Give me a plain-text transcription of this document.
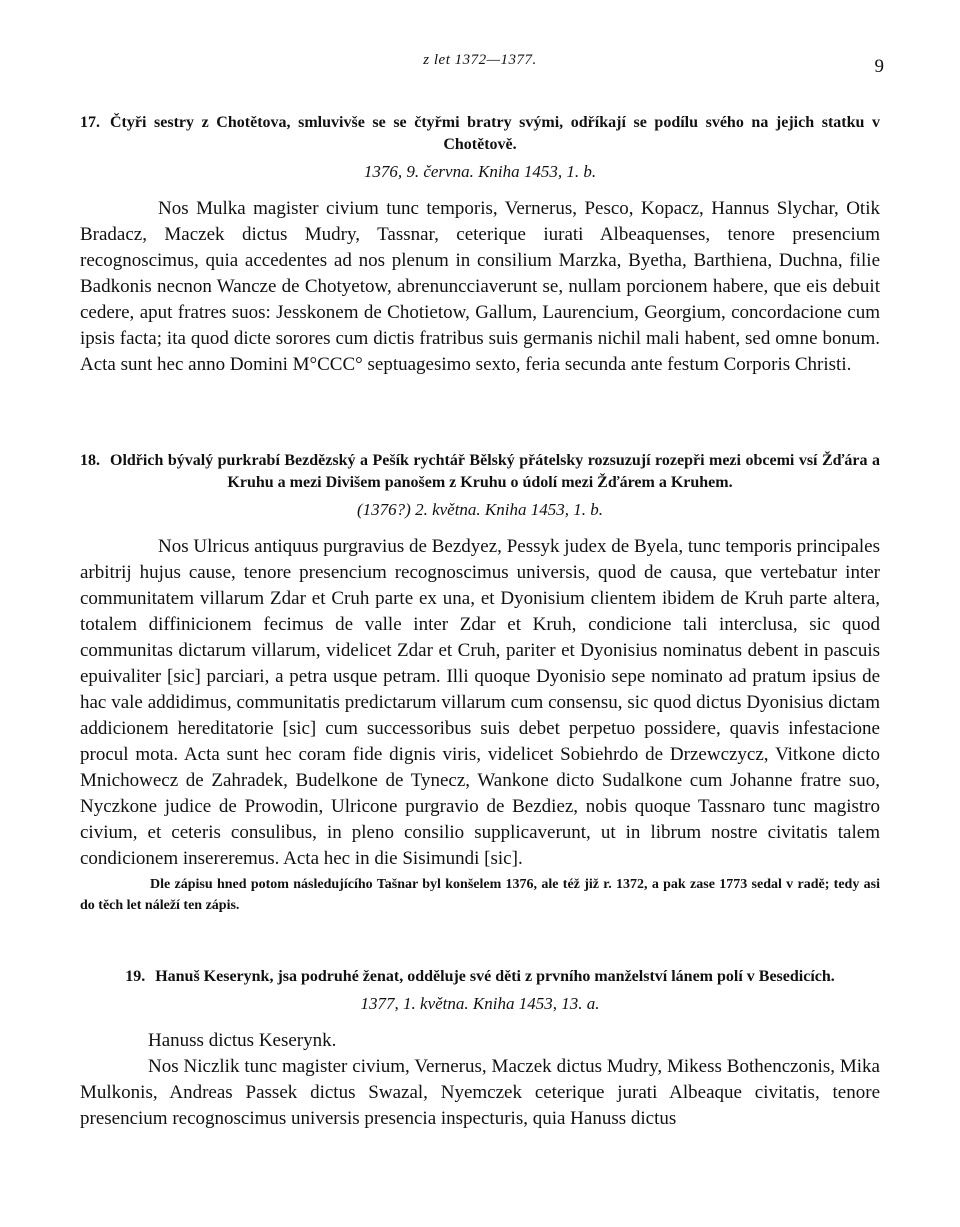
z let 1372—1377.	9
17. Čtyři sestry z Chotětova, smluvivše se se čtyřmi bratry svými, odříkají se podílu svého na jejich statku v Chotětově.
1376, 9. června. Kniha 1453, 1. b.

Nos Mulka magister civium tunc temporis, Vernerus, Pesco, Kopacz, Hannus Slychar, Otik Bradacz, Maczek dictus Mudry, Tassnar, ceterique iurati Albeaquenses, tenore presencium recognoscimus, quia accedentes ad nos plenum in consilium Marzka, Byetha, Barthiena, Duchna, filie Badkonis necnon Wancze de Chotyetow, abrenuncciaverunt se, nullam porcionem habere, que eis debuit cedere, aput fratres suos: Jesskonem de Chotietow, Gallum, Laurencium, Georgium, concordacione cum ipsis facta; ita quod dicte sorores cum dictis fratribus suis germanis nichil mali habent, sed omne bonum. Acta sunt hec anno Domini M°CCC° septuagesimo sexto, feria secunda ante festum Corporis Christi.

18. Oldřich bývalý purkrabí Bezdězský a Pešík rychtář Bělský přátelsky rozsuzují rozepři mezi obcemi vsí Žďára a Kruhu a mezi Divišem panošem z Kruhu o údolí mezi Žďárem a Kruhem.
(1376?) 2. května. Kniha 1453, 1. b.

Nos Ulricus antiquus purgravius de Bezdyez, Pessyk judex de Byela, tunc temporis principales arbitrij hujus cause, tenore presencium recognoscimus universis, quod de causa, que vertebatur inter communitatem villarum Zdar et Cruh parte ex una, et Dyonisium clientem ibidem de Kruh parte altera, totalem diffinicionem fecimus de valle inter Zdar et Kruh, condicione tali interclusa, sic quod communitas dictarum villarum, videlicet Zdar et Cruh, pariter et Dyonisius nominatus debent in pascuis epuivaliter [sic] parciari, a petra usque petram. Illi quoque Dyonisio sepe nominato ad pratum ipsius de hac vale addidimus, communitatis predictarum villarum cum consensu, sic quod dictus Dyonisius dictam addicionem hereditatorie [sic] cum successoribus suis debet perpetuo possidere, quavis infestacione procul mota. Acta sunt hec coram fide dignis viris, videlicet Sobiehrdo de Drzewczycz, Vitkone dicto Mnichowecz de Zahradek, Budelkone de Tynecz, Wankone dicto Sudalkone cum Johanne fratre suo, Nyczkone judice de Prowodin, Ulricone purgravio de Bezdiez, nobis quoque Tassnaro tunc magistro civium, et ceteris consulibus, in pleno consilio supplicaverunt, ut in librum nostre civitatis talem condicionem insereremus. Acta hec in die Sisimundi [sic].

Dle zápisu hned potom následujícího Tašnar byl konšelem 1376, ale též již r. 1372, a pak zase 1773 sedal v radě; tedy asi do těch let náleží ten zápis.
19. Hanuš Keserynk, jsa podruhé ženat, odděluje své děti z prvního manželství lánem polí v Besedicích.
1377, 1. května. Kniha 1453, 13. a.

Hanuss dictus Keserynk.

Nos Niczlik tunc magister civium, Vernerus, Maczek dictus Mudry, Mikess Bothenczonis, Mika Mulkonis, Andreas Passek dictus Swazal, Nyemczek ceterique jurati Albeaque civitatis, tenore presencium recognoscimus universis presencia inspecturis, quia Hanuss dictus
